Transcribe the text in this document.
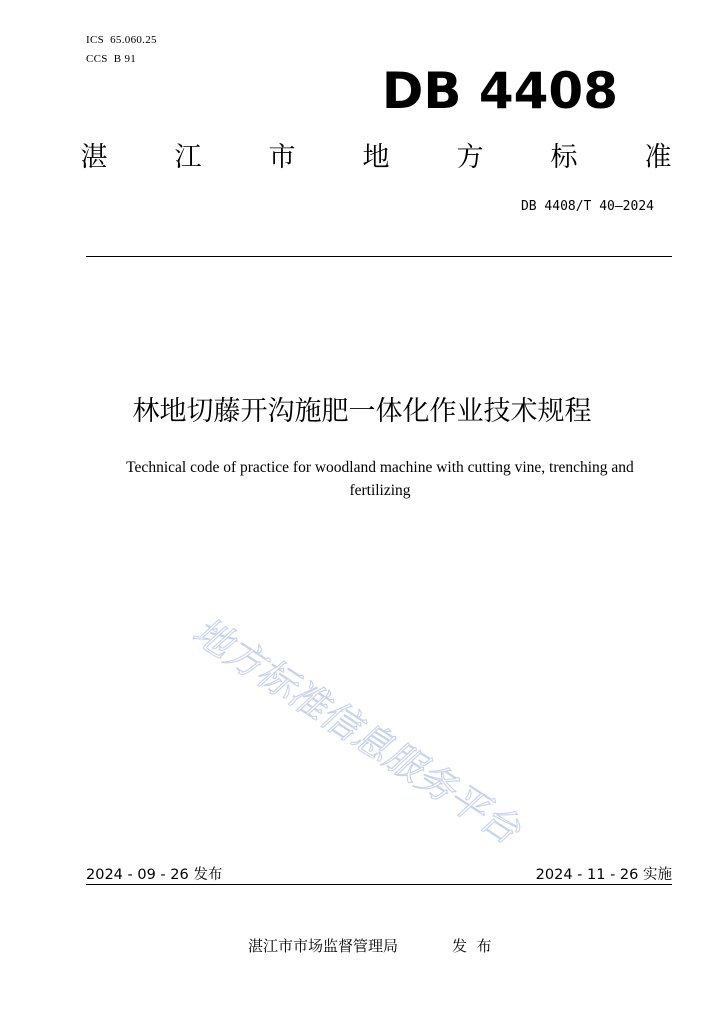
ICS  65.060.25
CCS  B 91
DB 4408
湛 江 市 地 方 标 准
DB 4408/T 40—2024
林地切藤开沟施肥一体化作业技术规程
Technical code of practice for woodland machine with cutting vine, trenching and
fertilizing
地方标准信息服务平台
2024 - 09 - 26 发布	2024 - 11 - 26 实施
湛江市市场监督管理局	发  布
